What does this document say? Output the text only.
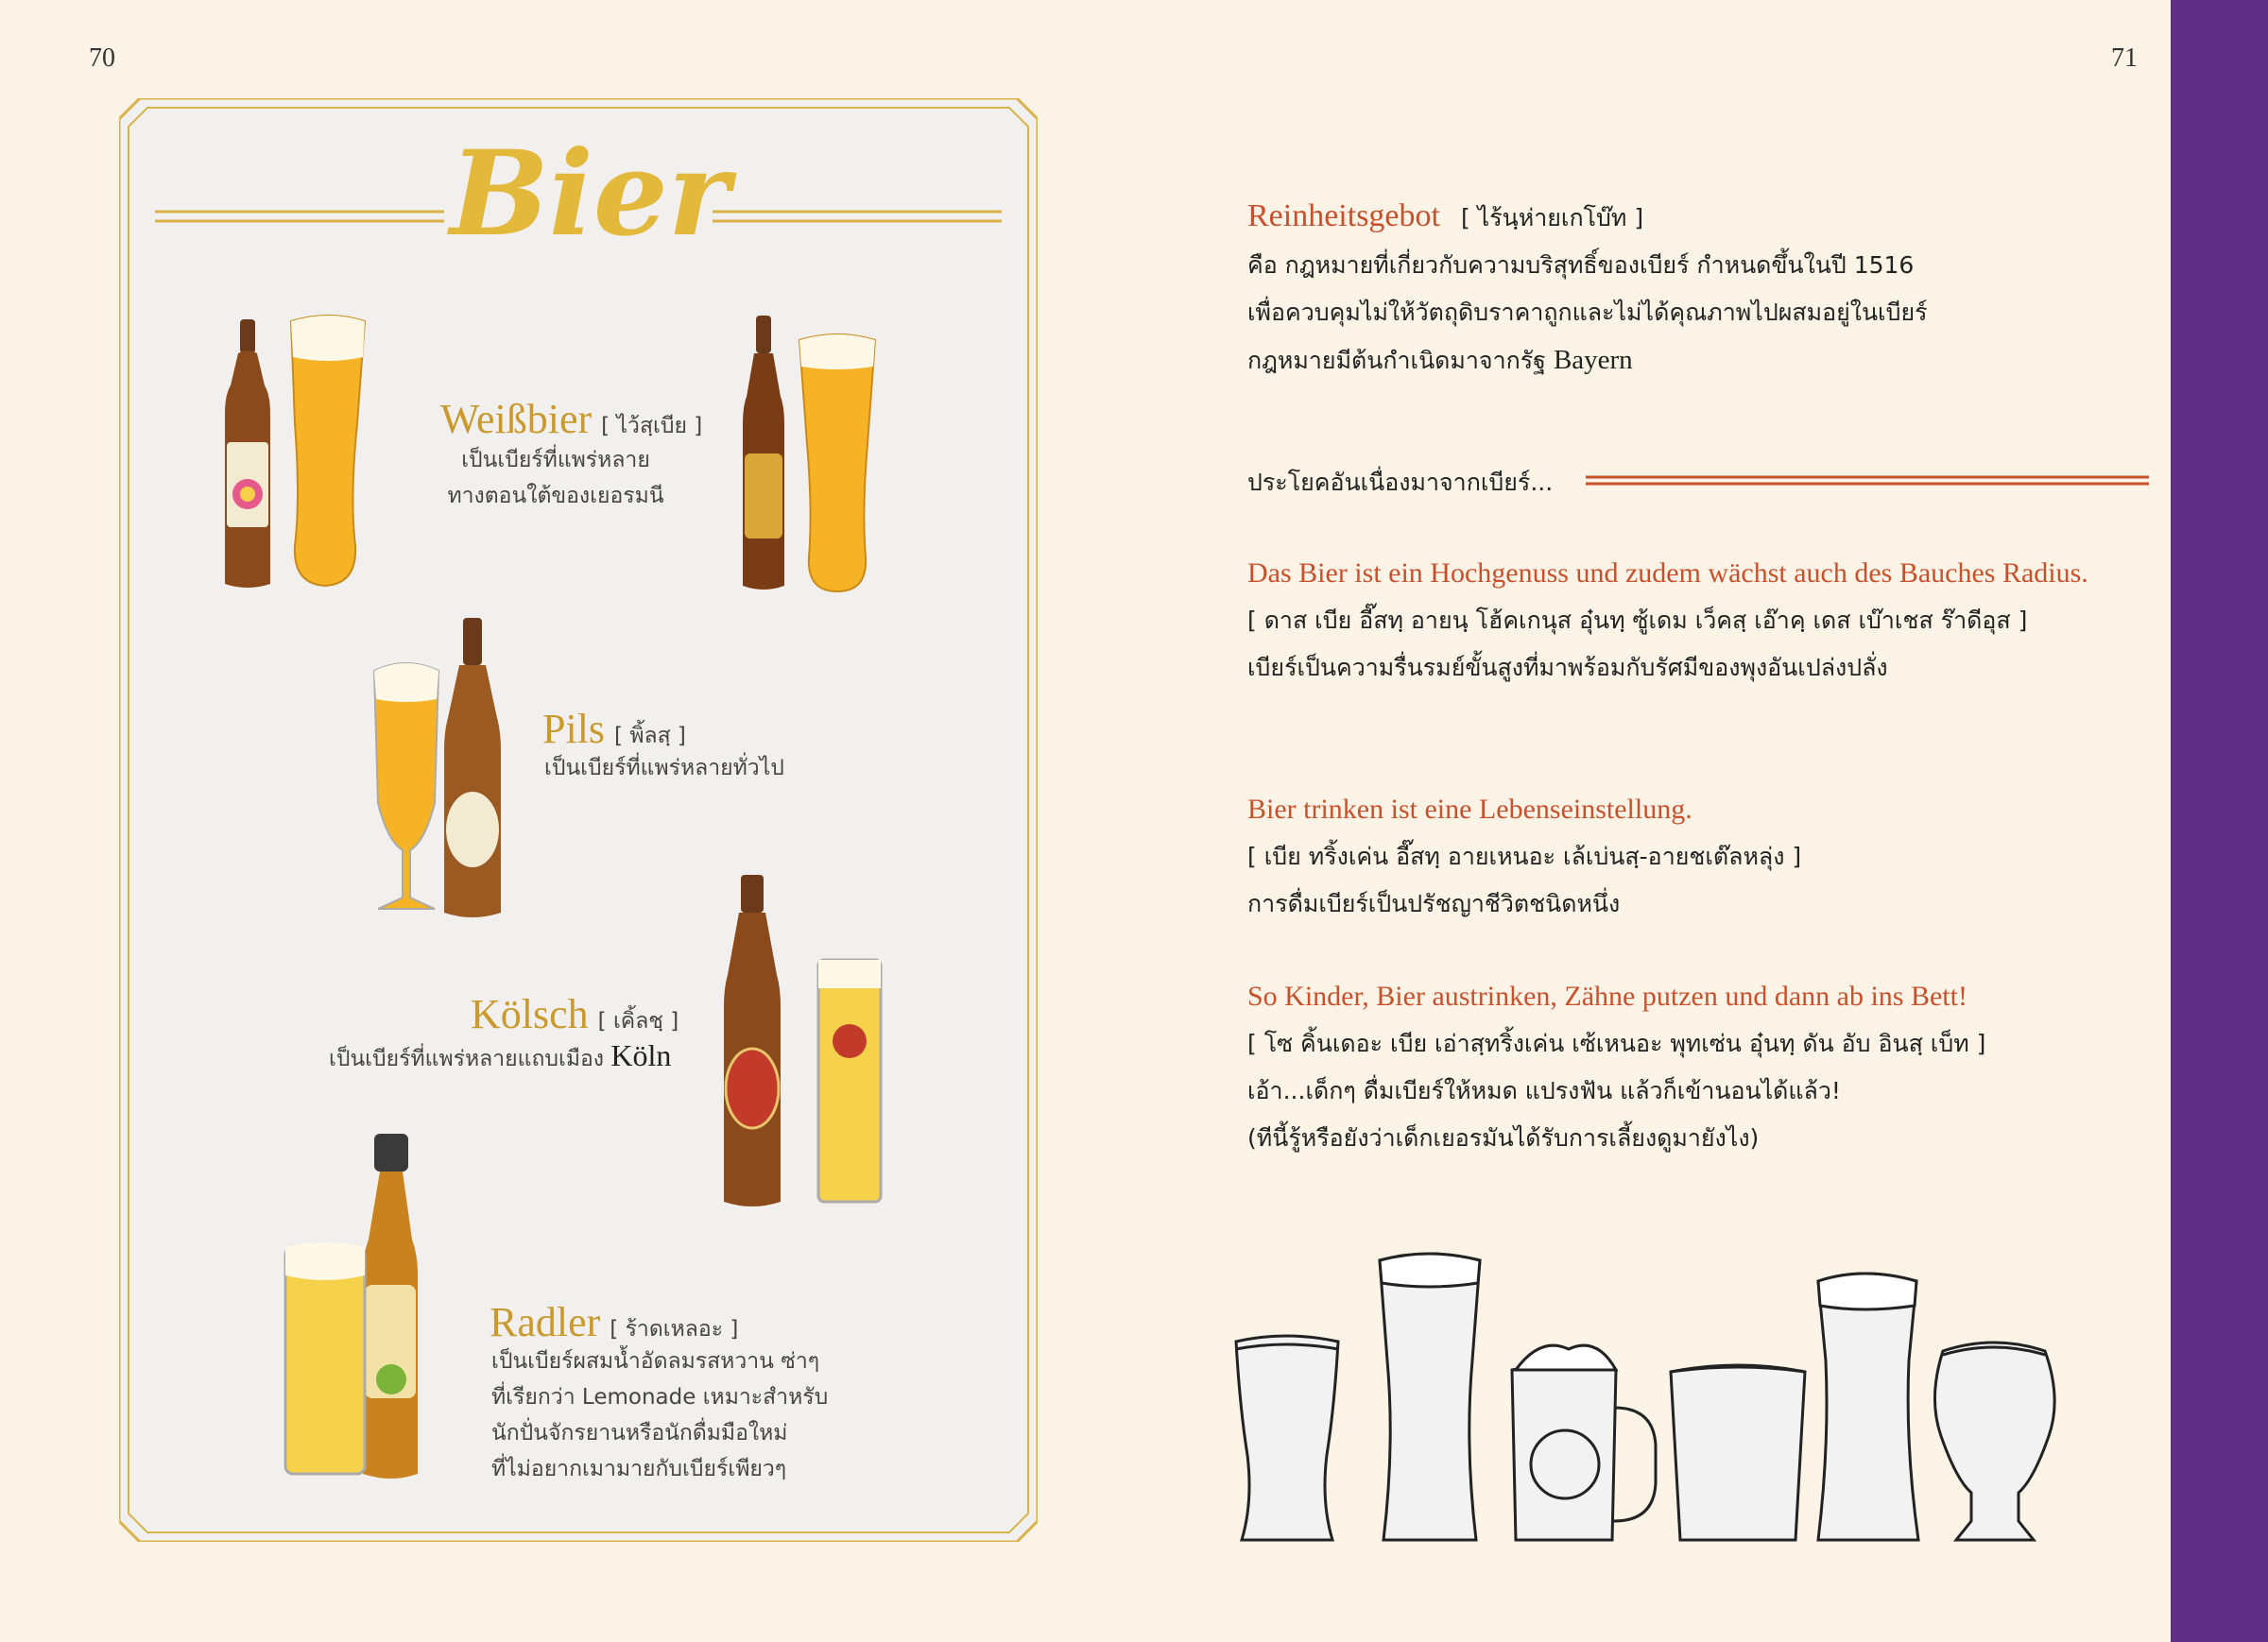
70	71
Bier
Weißbier [ ไว้สฺเบีย ]
เป็นเบียร์ที่แพร่หลาย
ทางตอนใต้ของเยอรมนี
Pils [ พิ้ลสฺ ]
เป็นเบียร์ที่แพร่หลายทั่วไป
Kölsch [ เคิ้ลชฺ ]
เป็นเบียร์ที่แพร่หลายแถบเมือง Köln
Radler [ ร้าดเหลอะ ]
เป็นเบียร์ผสมน้ำอัดลมรสหวาน ซ่าๆ
ที่เรียกว่า Lemonade เหมาะสำหรับ
นักปั่นจักรยานหรือนักดื่มมือใหม่
ที่ไม่อยากเมามายกับเบียร์เพียวๆ
Reinheitsgebot [ ไร้นฺห่ายเกโบ๊ท ]
คือ กฎหมายที่เกี่ยวกับความบริสุทธิ์ของเบียร์ กำหนดขึ้นในปี 1516
เพื่อควบคุมไม่ให้วัตถุดิบราคาถูกและไม่ได้คุณภาพไปผสมอยู่ในเบียร์
กฎหมายมีต้นกำเนิดมาจากรัฐ Bayern
ประโยคอันเนื่องมาจากเบียร์...
Das Bier ist ein Hochgenuss und zudem wächst auch des Bauches Radius.
[ ดาส เบีย อี๊สทฺ อายนฺ โฮ้คเกนุส อุ๋นทฺ ซู้เดม เว็คสฺ เอ๊าคฺ เดส เบ๊าเชส ร๊าดีอุส ]
เบียร์เป็นความรื่นรมย์ขั้นสูงที่มาพร้อมกับรัศมีของพุงอันเปล่งปลั่ง
Bier trinken ist eine Lebenseinstellung.
[ เบีย ทริ้งเค่น อี๊สทฺ อายเหนอะ เล้เบ่นสฺ-อายชเต๊ลหลุ่ง ]
การดื่มเบียร์เป็นปรัชญาชีวิตชนิดหนึ่ง
So Kinder, Bier austrinken, Zähne putzen und dann ab ins Bett!
[ โซ คิ้นเดอะ เบีย เอ่าสฺทริ้งเค่น เซ้เหนอะ พุทเซ่น อุ๋นทฺ ดัน อับ อินสฺ เบ็ท ]
เอ้า...เด็กๆ ดื่มเบียร์ให้หมด แปรงฟัน แล้วก็เข้านอนได้แล้ว!
(ทีนี้รู้หรือยังว่าเด็กเยอรมันได้รับการเลี้ยงดูมายังไง)
